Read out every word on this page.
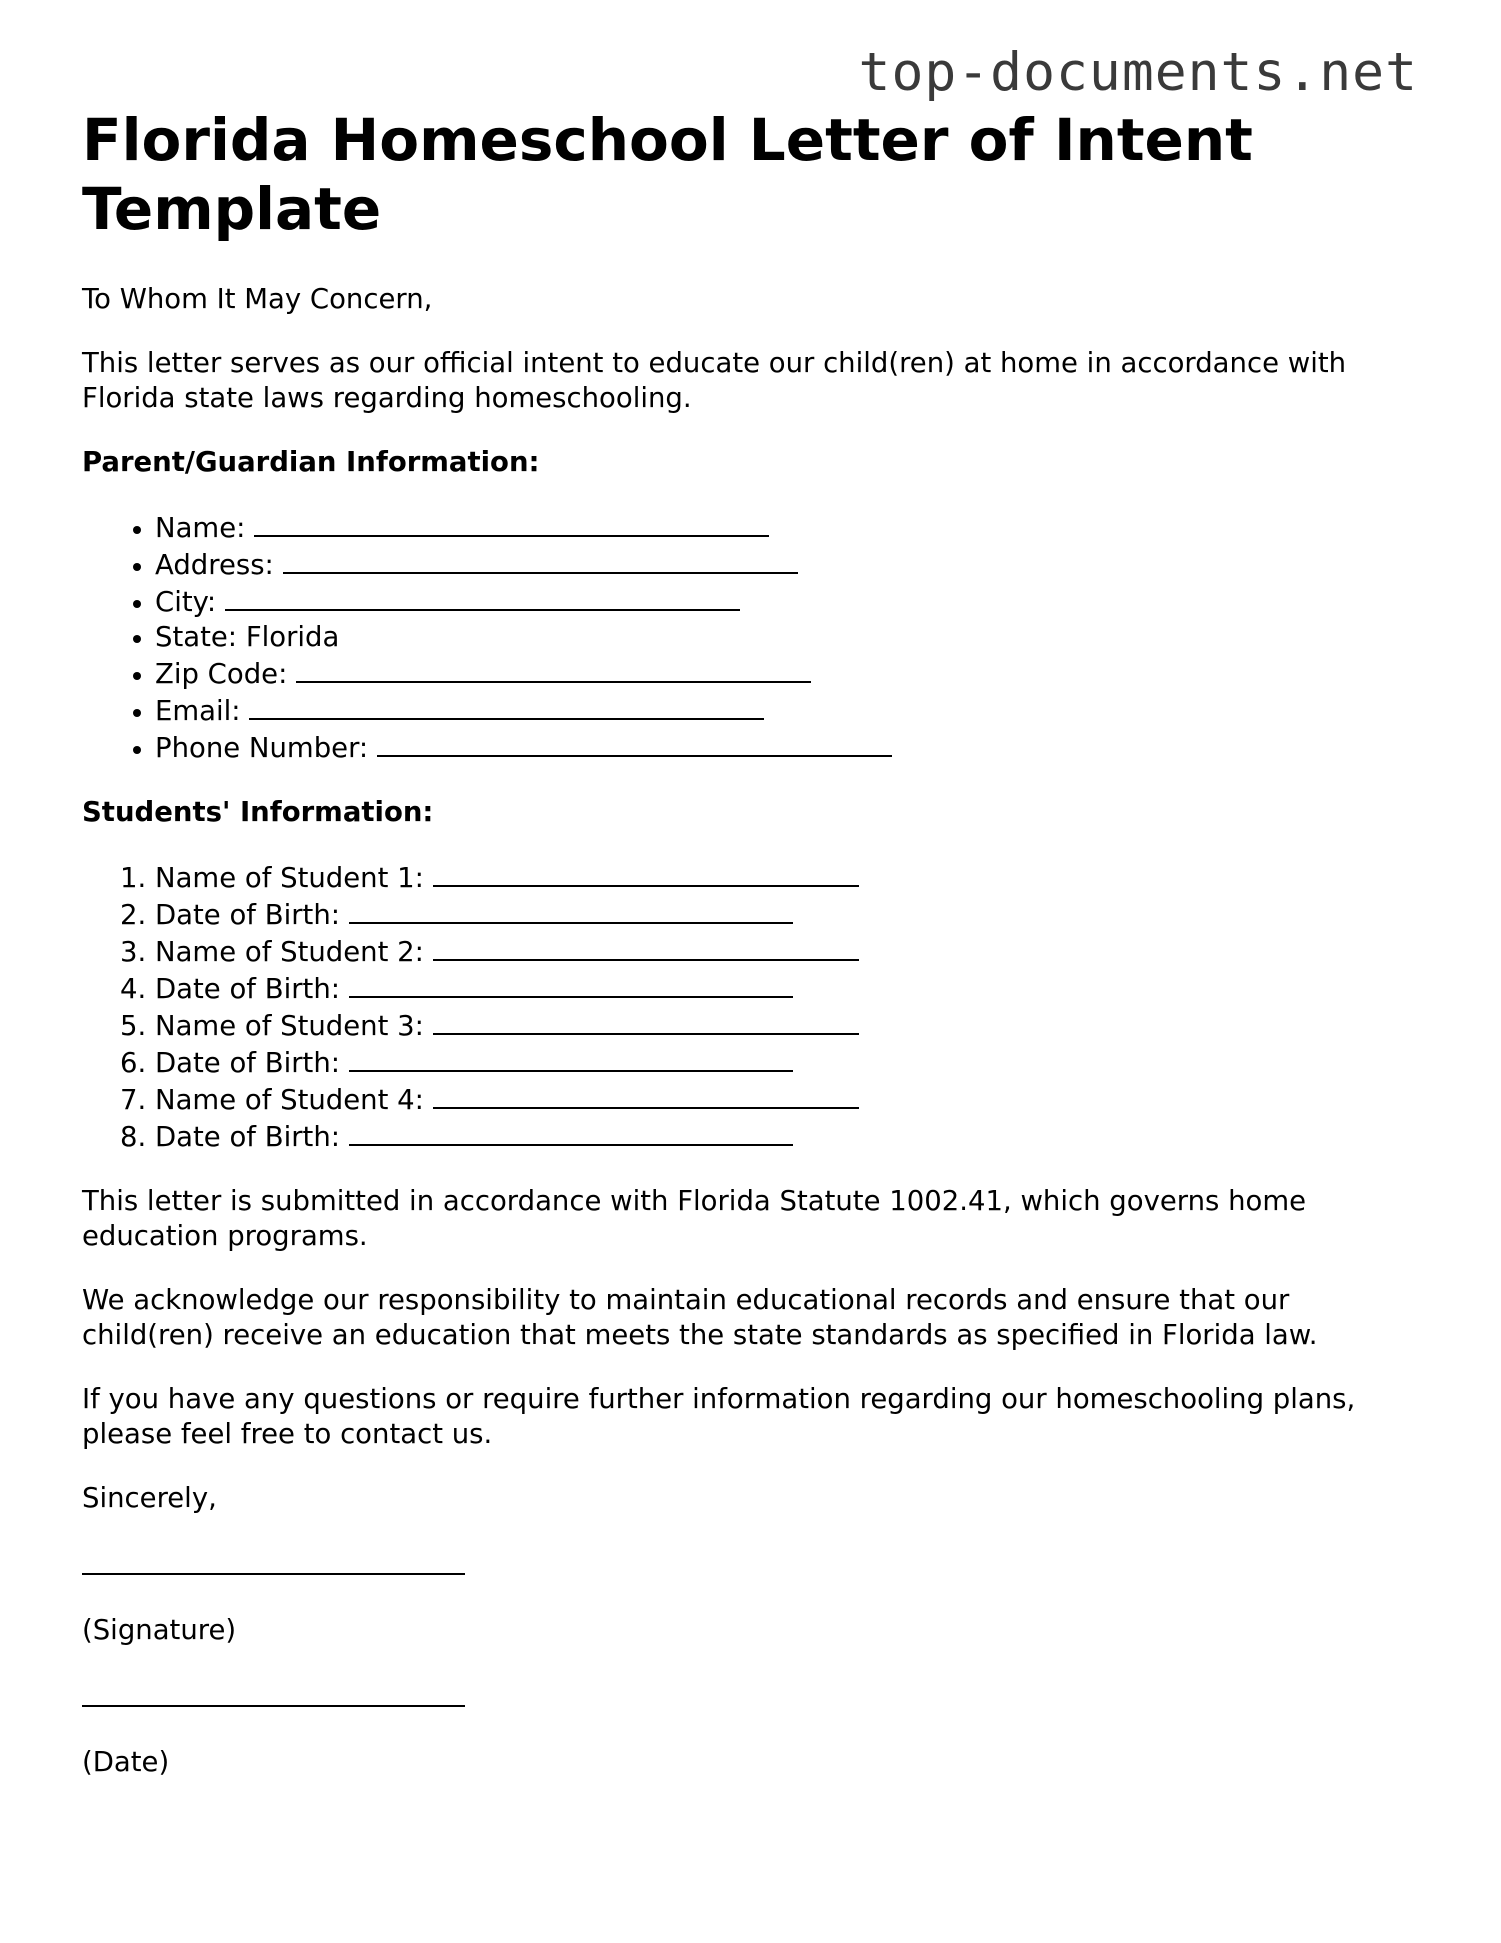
top-documents.net
Florida Homeschool Letter of Intent Template

To Whom It May Concern,

This letter serves as our official intent to educate our child(ren) at home in accordance with Florida state laws regarding homeschooling.

Parent/Guardian Information:

• Name:
• Address:
• City:
• State: Florida
• Zip Code:
• Email:
• Phone Number:

Students' Information:

1. Name of Student 1:
2. Date of Birth:
3. Name of Student 2:
4. Date of Birth:
5. Name of Student 3:
6. Date of Birth:
7. Name of Student 4:
8. Date of Birth:

This letter is submitted in accordance with Florida Statute 1002.41, which governs home education programs.

We acknowledge our responsibility to maintain educational records and ensure that our child(ren) receive an education that meets the state standards as specified in Florida law.

If you have any questions or require further information regarding our homeschooling plans, please feel free to contact us.

Sincerely,

(Signature)

(Date)
